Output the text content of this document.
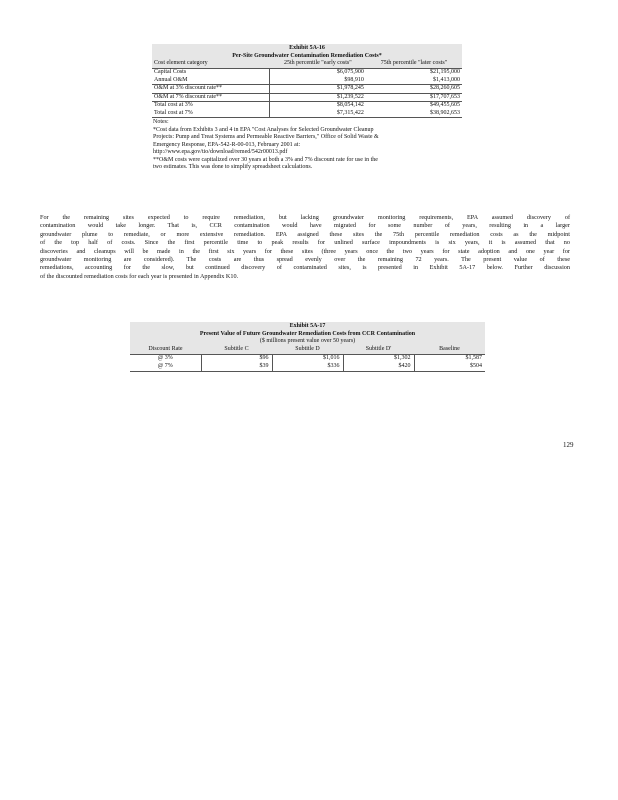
Exhibit 5A-16
Per-Site Groundwater Contamination Remediation Costs*
Cost element category	25th percentile "early costs"	75th percentile "later costs"
Capital Costs	$6,075,900	$21,195,000
Annual O&M	$98,910	$1,413,000
O&M at 3% discount rate**	$1,978,245	$28,260,605
O&M at 7% discount rate**	$1,239,522	$17,707,653
Total cost at 3%	$8,054,142	$49,455,605
Total cost at 7%	$7,315,422	$38,902,653
Notes:
*Cost data from Exhibits 3 and 4 in EPA "Cost Analyses for Selected Groundwater Cleanup
Projects: Pump and Treat Systems and Permeable Reactive Barriers," Office of Solid Waste &
Emergency Response, EPA-542-R-00-013, February 2001 at:
http://www.epa.gov/tio/download/remed/542r00013.pdf
**O&M costs were capitalized over 30 years at both a 3% and 7% discount rate for use in the
two estimates. This was done to simplify spreadsheet calculations.
For the remaining sites expected to require remediation, but lacking groundwater monitoring requirements, EPA assumed discovery of
contamination would take longer. That is, CCR contamination would have migrated for some number of years, resulting in a larger
groundwater plume to remediate, or more extensive remediation. EPA assigned these sites the 75th percentile remediation costs as the midpoint
of the top half of costs. Since the first percentile time to peak results for unlined surface impoundments is six years, it is assumed that no
discoveries and cleanups will be made in the first six years for these sites (three years once the two years for state adoption and one year for
groundwater monitoring are considered). The costs are thus spread evenly over the remaining 72 years. The present value of these
remediations, accounting for the slow, but continued discovery of contaminated sites, is presented in Exhibit 5A-17 below. Further discussion
of the discounted remediation costs for each year is presented in Appendix K10.
Exhibit 5A-17
Present Value of Future Groundwater Remediation Costs from CCR Contamination
($ millions present value over 50 years)
Discount Rate	Subtitle C	Subtitle D	Subtitle D'	Baseline
@ 3%	$96	$1,016	$1,302	$1,587
@ 7%	$39	$336	$420	$504
129
